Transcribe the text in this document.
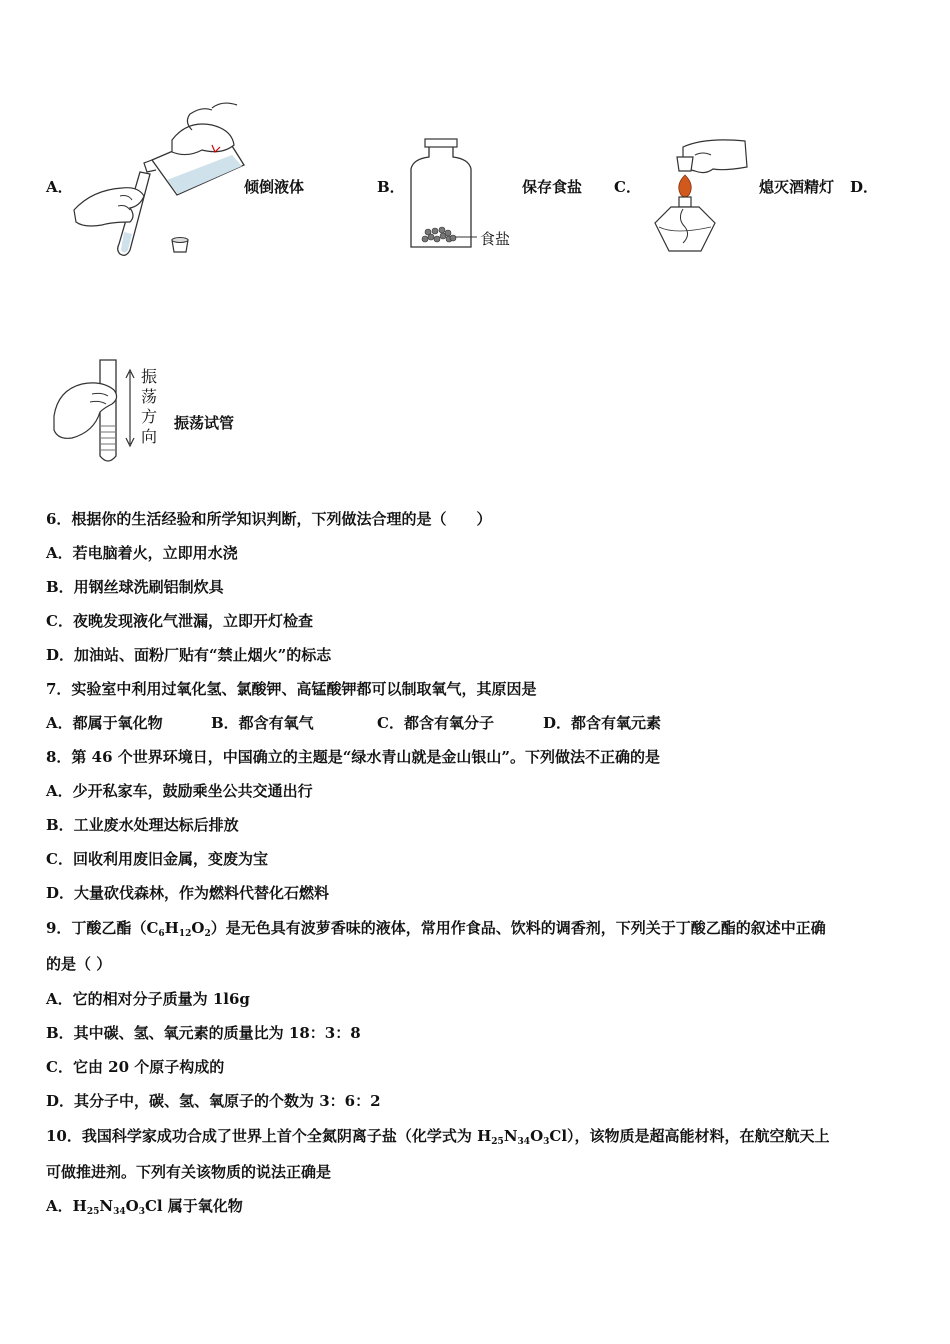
A．	倾倒液体	B．
食盐
保存食盐 C．	熄灭酒精灯 D．
振
荡
方
向
振荡试管
6．根据你的生活经验和所学知识判断，下列做法合理的是（　　）
A．若电脑着火，立即用水浇
B．用钢丝球洗刷铝制炊具
C．夜晚发现液化气泄漏，立即开灯检查
D．加油站、面粉厂贴有“禁止烟火”的标志
7．实验室中利用过氧化氢、氯酸钾、高锰酸钾都可以制取氧气，其原因是
A．都属于氧化物	B．都含有氧气	C．都含有氧分子	D．都含有氧元素
8．第 46 个世界环境日，中国确立的主题是“绿水青山就是金山银山”。下列做法不正确的是
A．少开私家车，鼓励乘坐公共交通出行
B．工业废水处理达标后排放
C．回收利用废旧金属，变废为宝
D．大量砍伐森林，作为燃料代替化石燃料
9．丁酸乙酯$(C_6H_{12}O_2)$是无色具有波萝香味的液体，常用作食品、饮料的调香剂，下列关于丁酸乙酯的叙述中正确
的是（ ）
A．它的相对分子质量为 1l6g
B．其中碳、氢、氧元素的质量比为 18：3：8
C．它由 20 个原子构成的
D．其分子中，碳、氢、氧原子的个数为 3：6：2
10．我国科学家成功合成了世界上首个全氮阴离子盐（化学式为 $H_{25}N_{34}O_3Cl$），该物质是超高能材料，在航空航天上
可做推进剂。下列有关该物质的说法正确是
A．$H_{25}N_{34}O_3Cl$ 属于氧化物
